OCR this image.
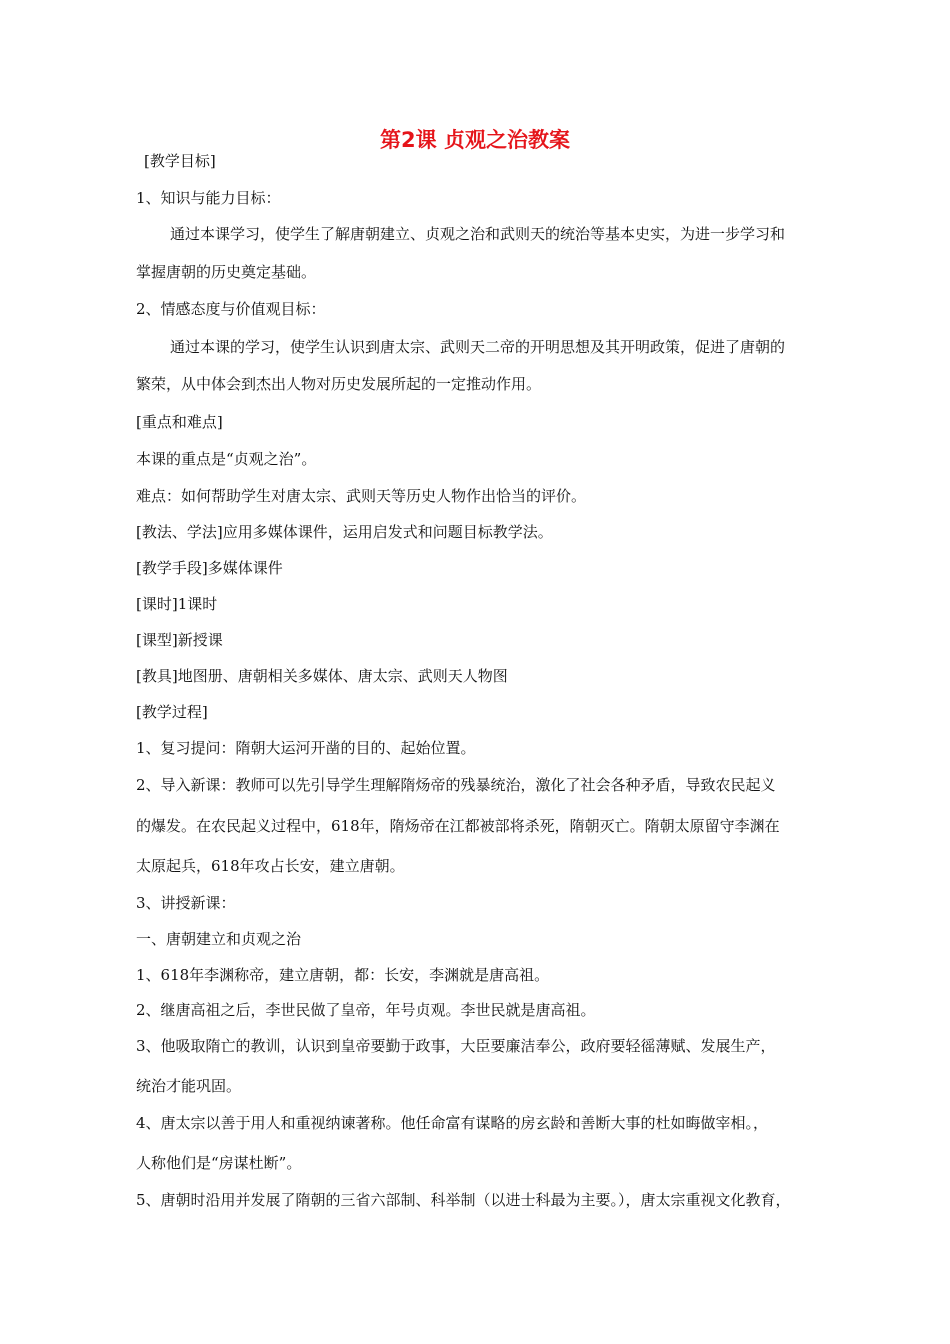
第2课 贞观之治教案
[教学目标]
1、知识与能力目标：
通过本课学习，使学生了解唐朝建立、贞观之治和武则天的统治等基本史实，为进一步学习和
掌握唐朝的历史奠定基础。
2、情感态度与价值观目标：
通过本课的学习，使学生认识到唐太宗、武则天二帝的开明思想及其开明政策，促进了唐朝的
繁荣，从中体会到杰出人物对历史发展所起的一定推动作用。
[重点和难点]
本课的重点是“贞观之治”。
难点：如何帮助学生对唐太宗、武则天等历史人物作出恰当的评价。
[教法、学法]应用多媒体课件，运用启发式和问题目标教学法。
[教学手段]多媒体课件
[课时]1课时
[课型]新授课
[教具]地图册、唐朝相关多媒体、唐太宗、武则天人物图
[教学过程]
1、复习提问：隋朝大运河开凿的目的、起始位置。
2、导入新课：教师可以先引导学生理解隋炀帝的残暴统治，激化了社会各种矛盾，导致农民起义
的爆发。在农民起义过程中，618年，隋炀帝在江都被部将杀死，隋朝灭亡。隋朝太原留守李渊在
太原起兵，618年攻占长安，建立唐朝。
3、讲授新课：
一、唐朝建立和贞观之治
1、618年李渊称帝，建立唐朝，都：长安，李渊就是唐高祖。
2、继唐高祖之后，李世民做了皇帝，年号贞观。李世民就是唐高祖。
3、他吸取隋亡的教训，认识到皇帝要勤于政事，大臣要廉洁奉公，政府要轻徭薄赋、发展生产，
统治才能巩固。
4、唐太宗以善于用人和重视纳谏著称。他任命富有谋略的房玄龄和善断大事的杜如晦做宰相。，
人称他们是“房谋杜断”。
5、唐朝时沿用并发展了隋朝的三省六部制、科举制（以进士科最为主要。），唐太宗重视文化教育，
